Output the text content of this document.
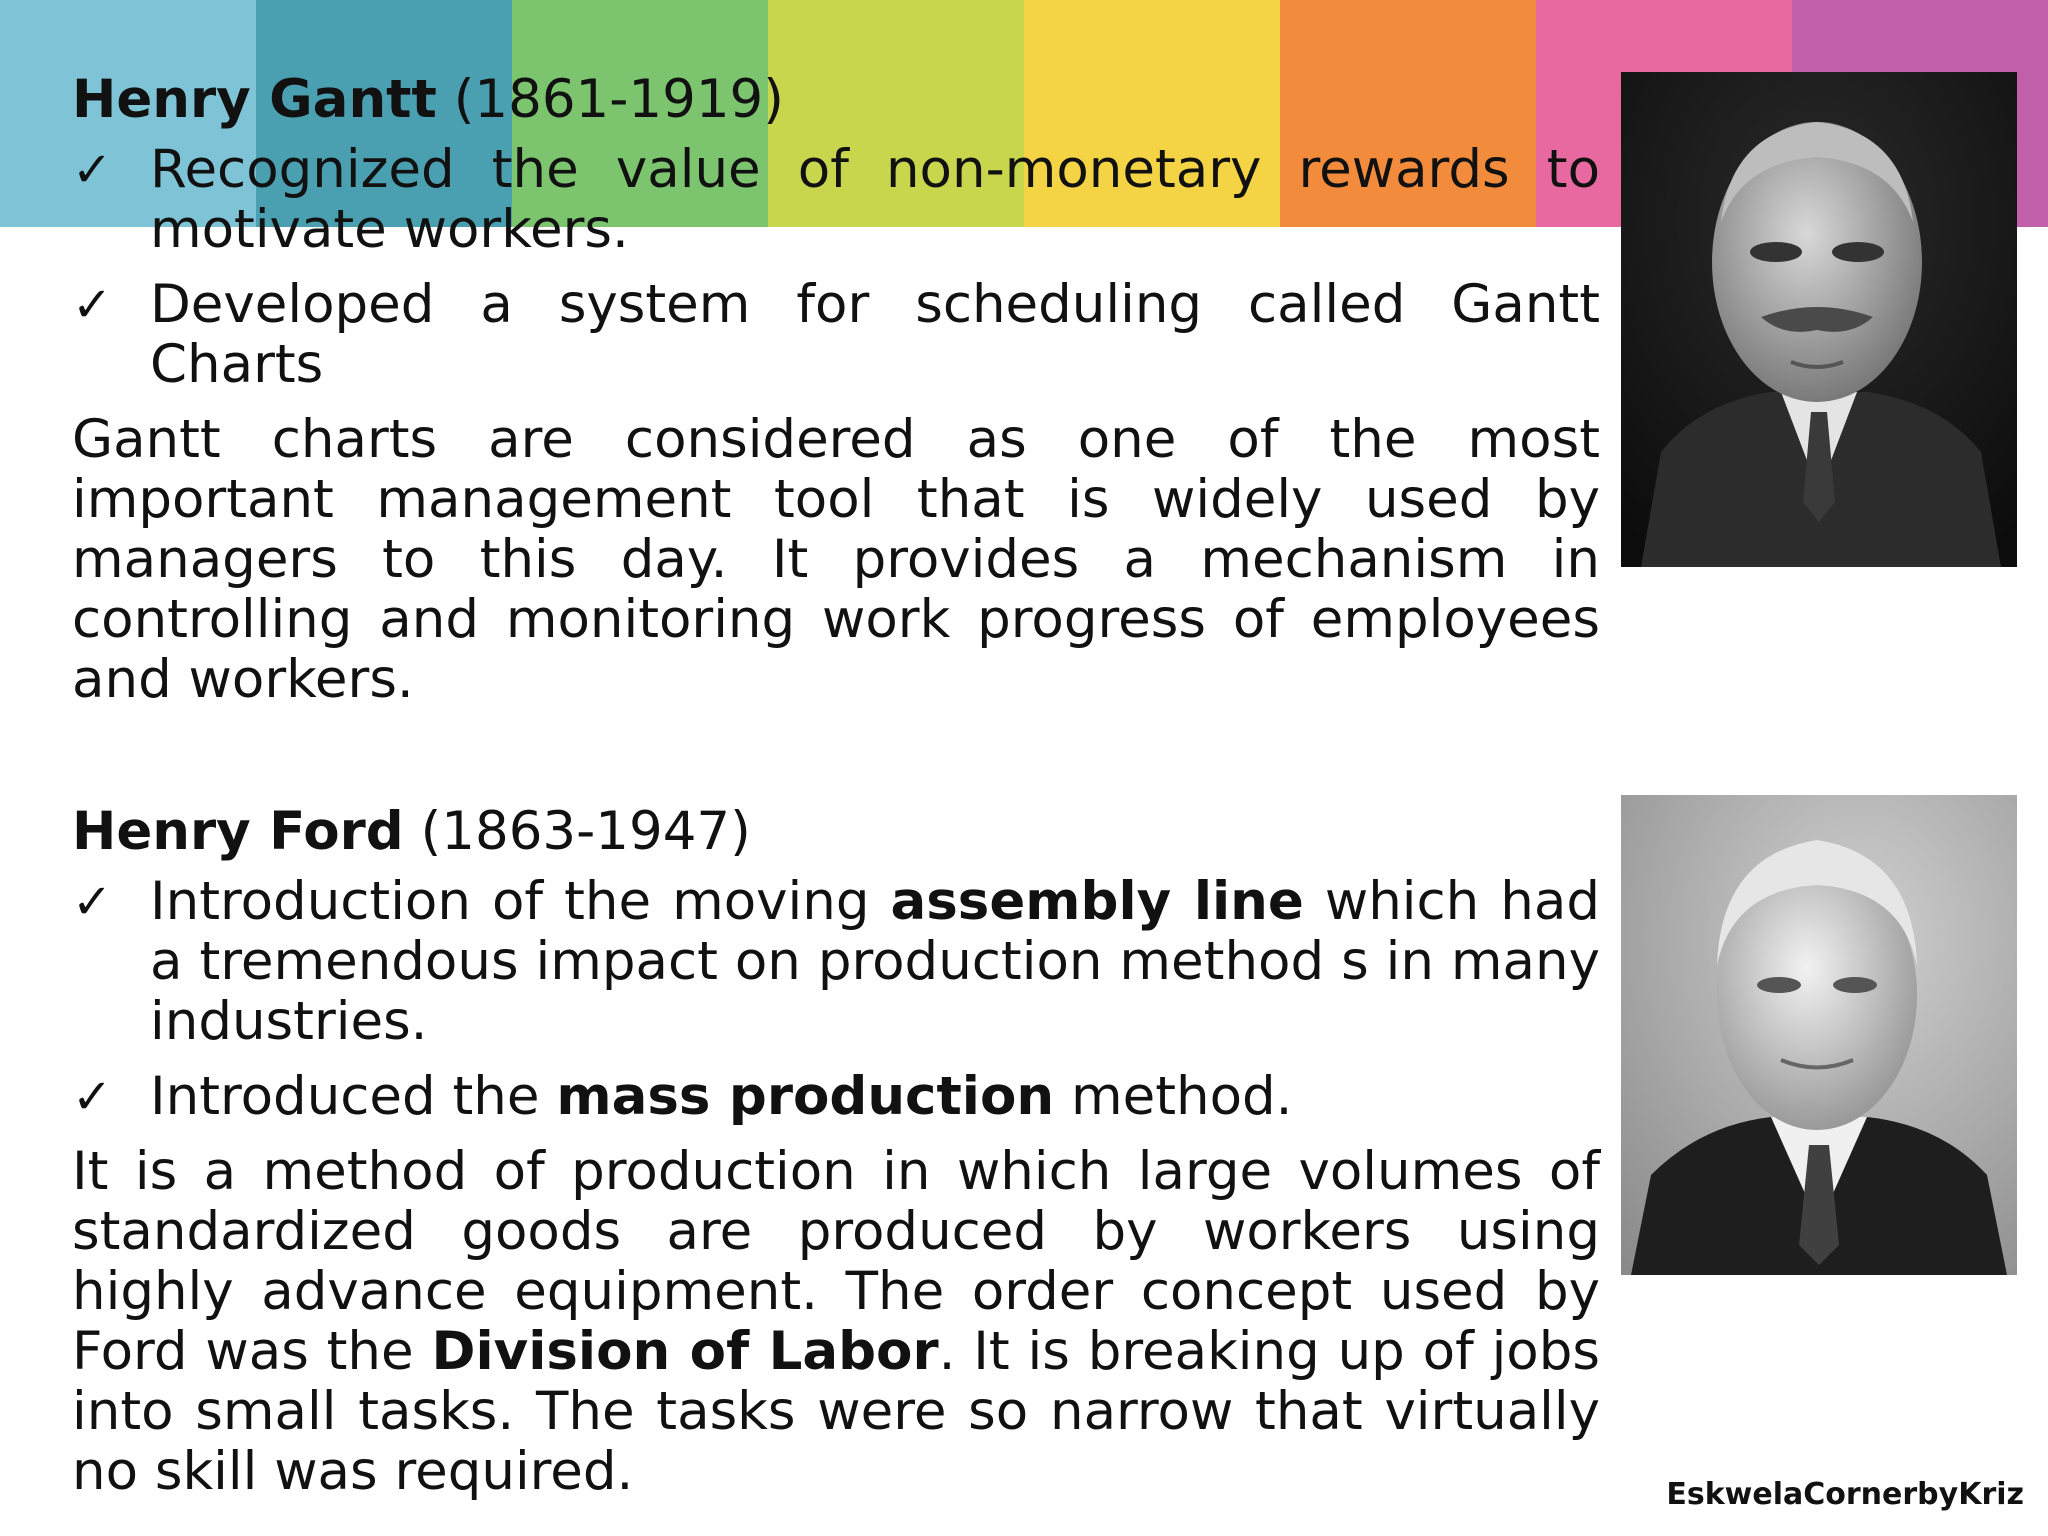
Henry Gantt (1861-1919)

✓ Recognized the value of non-monetary rewards to motivate workers.
✓ Developed a system for scheduling called Gantt Charts

Gantt charts are considered as one of the most important management tool that is widely used by managers to this day. It provides a mechanism in controlling and monitoring work progress of employees and workers.

Henry Ford (1863-1947)

✓ Introduction of the moving assembly line which had a tremendous impact on production method s in many industries.
✓ Introduced the mass production method.

It is a method of production in which large volumes of standardized goods are produced by workers using highly advance equipment. The order concept used by Ford was the Division of Labor. It is breaking up of jobs into small tasks. The tasks were so narrow that virtually no skill was required.	EskwelaCornerbyKriz
